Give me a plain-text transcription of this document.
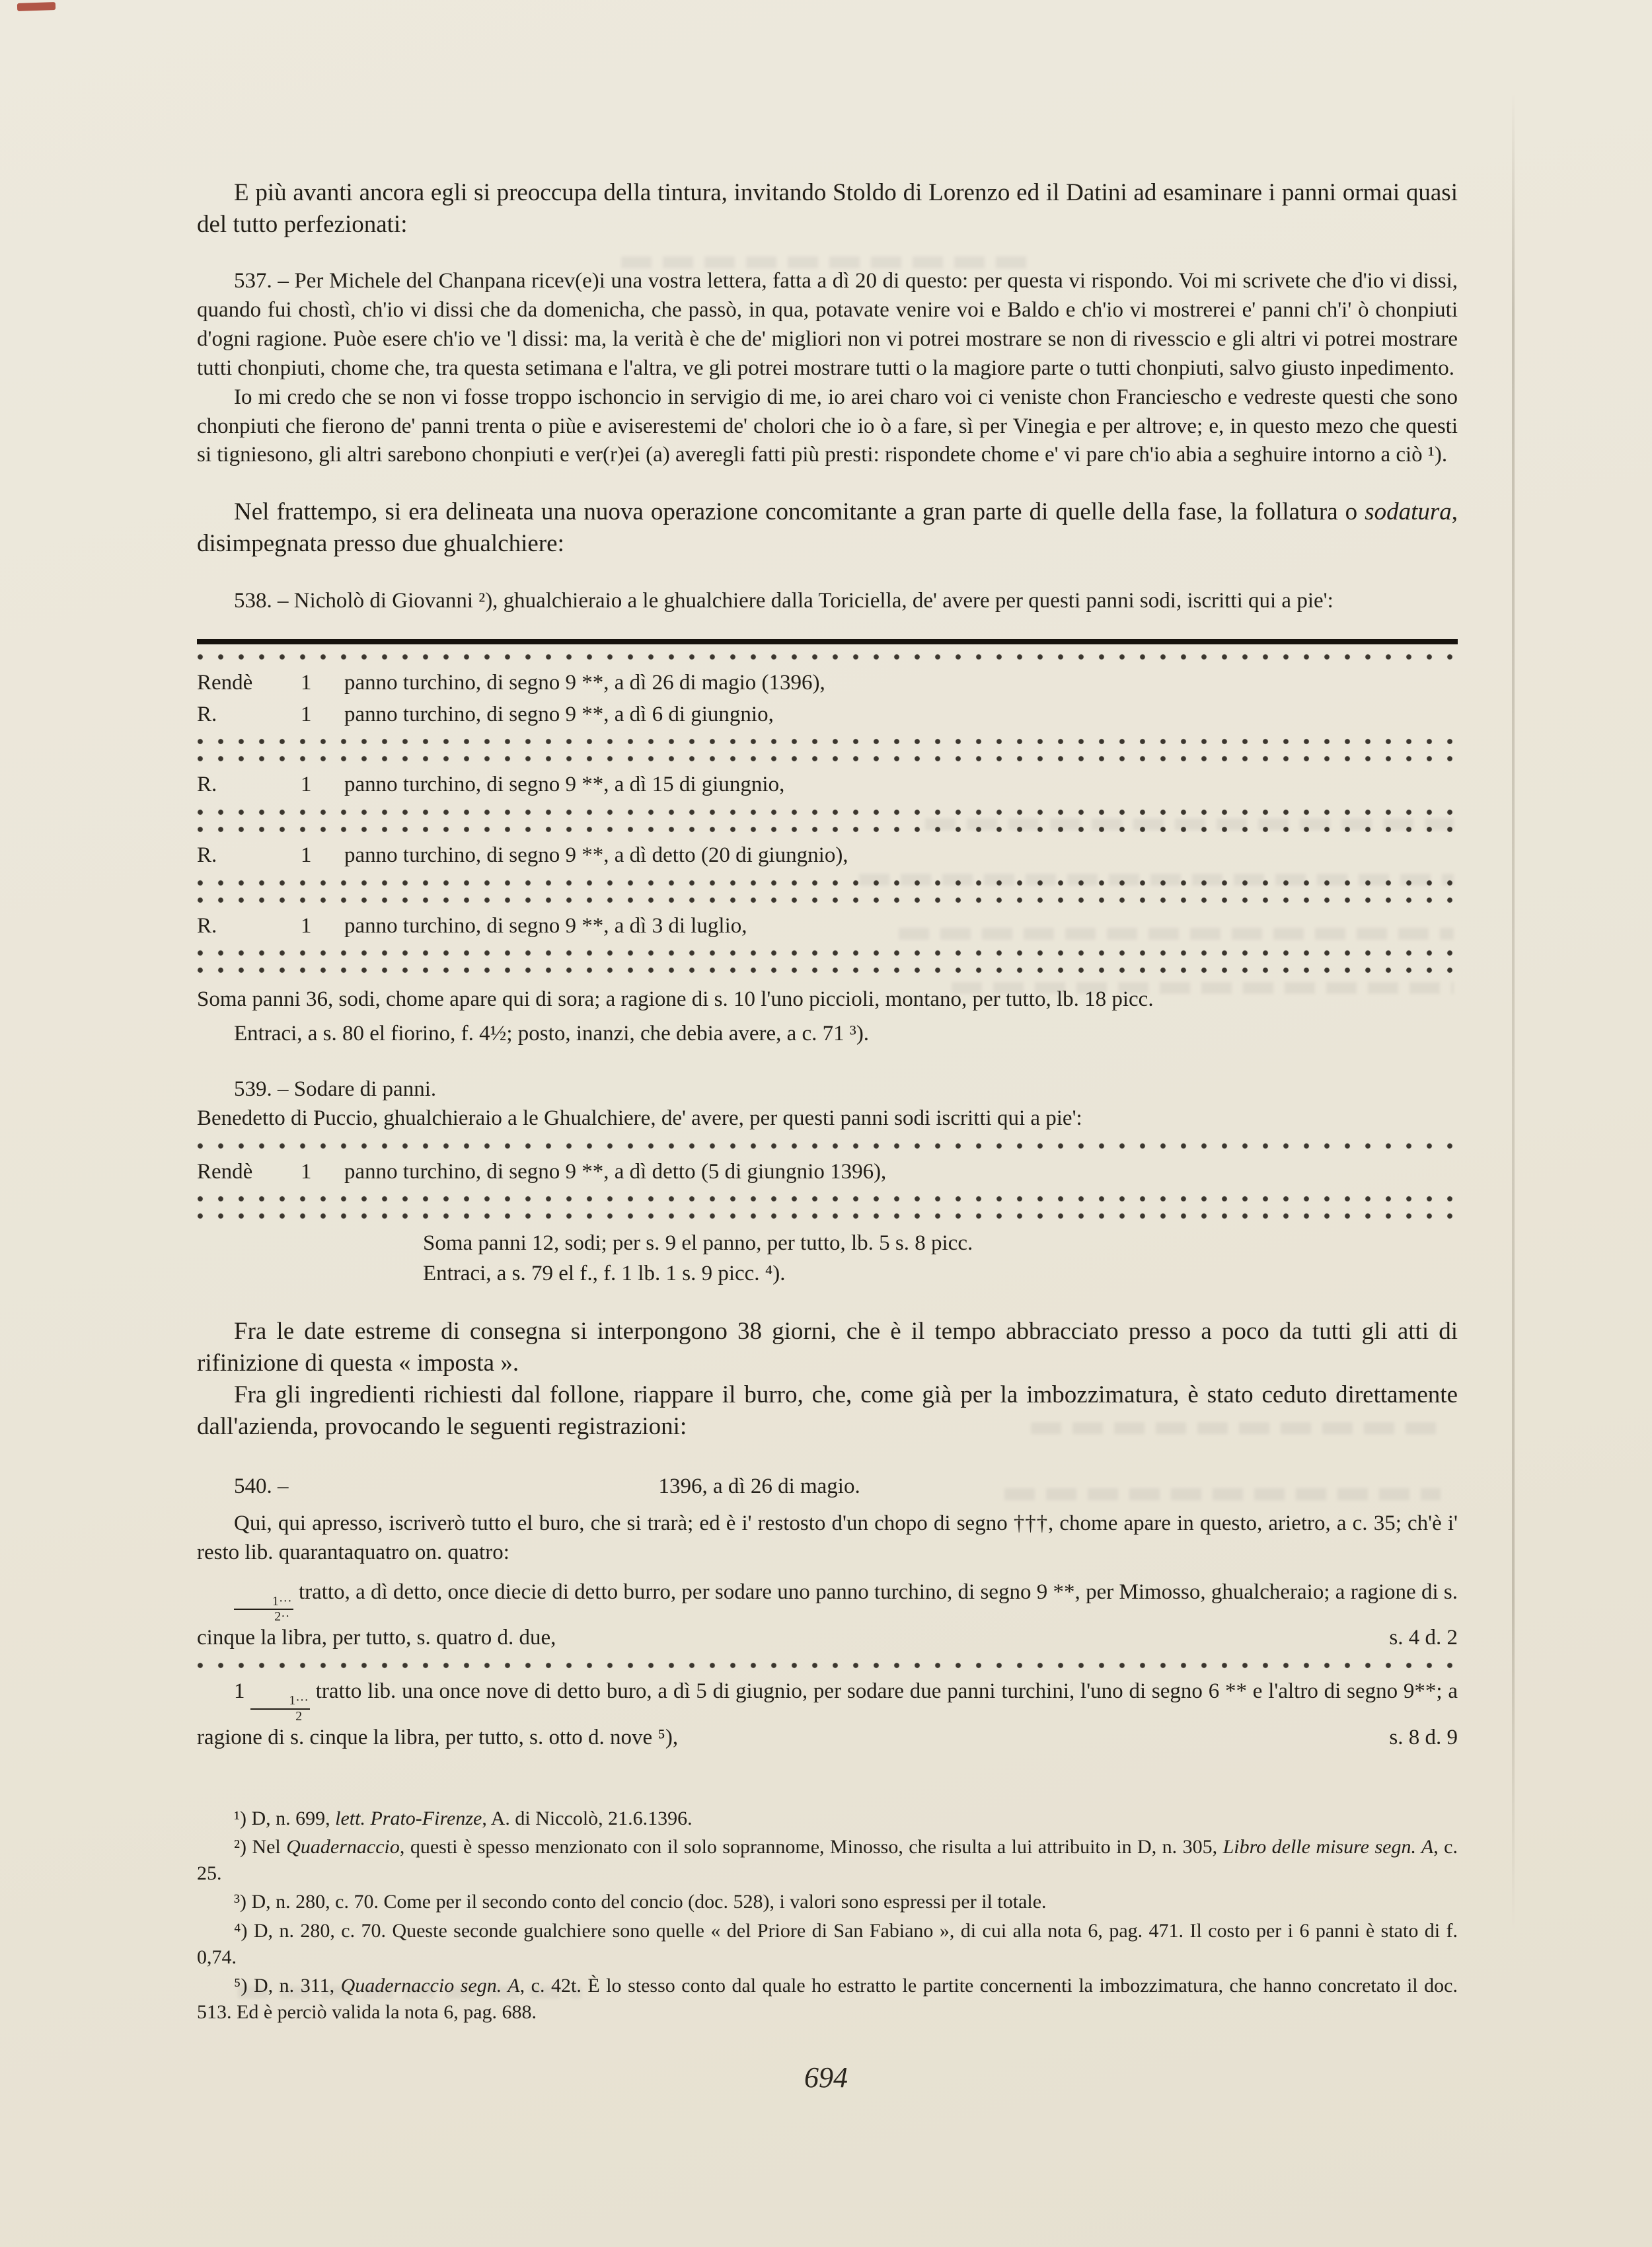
E più avanti ancora egli si preoccupa della tintura, invitando Stoldo di Lorenzo ed il Datini ad esaminare i panni ormai quasi del tutto perfezionati:

537. – Per Michele del Chanpana ricev(e)i una vostra lettera, fatta a dì 20 di questo: per questa vi rispondo. Voi mi scrivete che d'io vi dissi, quando fui chostì, ch'io vi dissi che da domenicha, che passò, in qua, potavate venire voi e Baldo e ch'io vi mostrerei e' panni ch'i' ò chonpiuti d'ogni ragione. Puòe esere ch'io ve 'l dissi: ma, la verità è che de' migliori non vi potrei mostrare se non di rivesscio e gli altri vi potrei mostrare tutti chonpiuti, chome che, tra questa setimana e l'altra, ve gli potrei mostrare tutti o la magiore parte o tutti chonpiuti, salvo giusto inpedimento.

Io mi credo che se non vi fosse troppo ischoncio in servigio di me, io arei charo voi ci veniste chon Franciescho e vedreste questi che sono chonpiuti che fierono de' panni trenta o piùe e aviserestemi de' cholori che io ò a fare, sì per Vinegia e per altrove; e, in questo mezo che questi si tigniesono, gli altri sarebono chonpiuti e ver(r)ei (a) averegli fatti più presti: rispondete chome e' vi pare ch'io abia a seghuire intorno a ciò ¹).

Nel frattempo, si era delineata una nuova operazione concomitante a gran parte di quelle della fase, la follatura o sodatura, disimpegnata presso due ghualchiere:

538. – Nicholò di Giovanni ²), ghualchieraio a le ghualchiere dalla Toriciella, de' avere per questi panni sodi, iscritti qui a pie':

Rendè	1	panno turchino, di segno 9 **, a dì 26 di magio (1396),
R.	1	panno turchino, di segno 9 **, a dì 6 di giungnio,
R.	1	panno turchino, di segno 9 **, a dì 15 di giungnio,
R.	1	panno turchino, di segno 9 **, a dì detto (20 di giungnio),
R.	1	panno turchino, di segno 9 **, a dì 3 di luglio,

Soma panni 36, sodi, chome apare qui di sora; a ragione di s. 10 l'uno piccioli, montano, per tutto, lb. 18 picc.

Entraci, a s. 80 el fiorino, f. 4½; posto, inanzi, che debia avere, a c. 71 ³).

539. – Sodare di panni.

Benedetto di Puccio, ghualchieraio a le Ghualchiere, de' avere, per questi panni sodi iscritti qui a pie':

Rendè	1	panno turchino, di segno 9 **, a dì detto (5 di giungnio 1396),

Soma panni 12, sodi; per s. 9 el panno, per tutto, lb. 5 s. 8 picc.

Entraci, a s. 79 el f., f. 1 lb. 1 s. 9 picc. ⁴).

Fra le date estreme di consegna si interpongono 38 giorni, che è il tempo abbracciato presso a poco da tutti gli atti di rifinizione di questa « imposta ».

Fra gli ingredienti richiesti dal follone, riappare il burro, che, come già per la imbozzimatura, è stato ceduto direttamente dall'azienda, provocando le seguenti registrazioni:

540. –	1396, a dì 26 di magio.

Qui, qui apresso, iscriverò tutto el buro, che si trarà; ed è i' restosto d'un chopo di segno †††, chome apare in questo, arietro, a c. 35; ch'è i' resto lib. quarantaquatro on. quatro:

$\frac{1\cdot\cdot\cdot}{2\cdot\cdot}$
tratto, a dì detto, once diecie di detto burro, per sodare uno panno turchino, di segno 9 **, per Mimosso, ghualcheraio; a ragione di s. cinque la libra, per tutto, s. quatro d. due,	s. 4 d. 2
1
$\frac{1\cdot\cdot\cdot}{2}$
tratto lib. una once nove di detto buro, a dì 5 di giugnio, per sodare due panni turchini, l'uno di segno 6 ** e l'altro di segno 9**; a ragione di s. cinque la libra, per tutto, s. otto d. nove ⁵),	s. 8 d. 9

¹) D, n. 699, lett. Prato-Firenze, A. di Niccolò, 21.6.1396.

²) Nel Quadernaccio, questi è spesso menzionato con il solo soprannome, Minosso, che risulta a lui attribuito in D, n. 305, Libro delle misure segn. A, c. 25.

³) D, n. 280, c. 70. Come per il secondo conto del concio (doc. 528), i valori sono espressi per il totale.

⁴) D, n. 280, c. 70. Queste seconde gualchiere sono quelle « del Priore di San Fabiano », di cui alla nota 6, pag. 471. Il costo per i 6 panni è stato di f. 0,74.

⁵) D, n. 311, Quadernaccio segn. A, c. 42t. È lo stesso conto dal quale ho estratto le partite concernenti la imbozzimatura, che hanno concretato il doc. 513. Ed è perciò valida la nota 6, pag. 688.

694
